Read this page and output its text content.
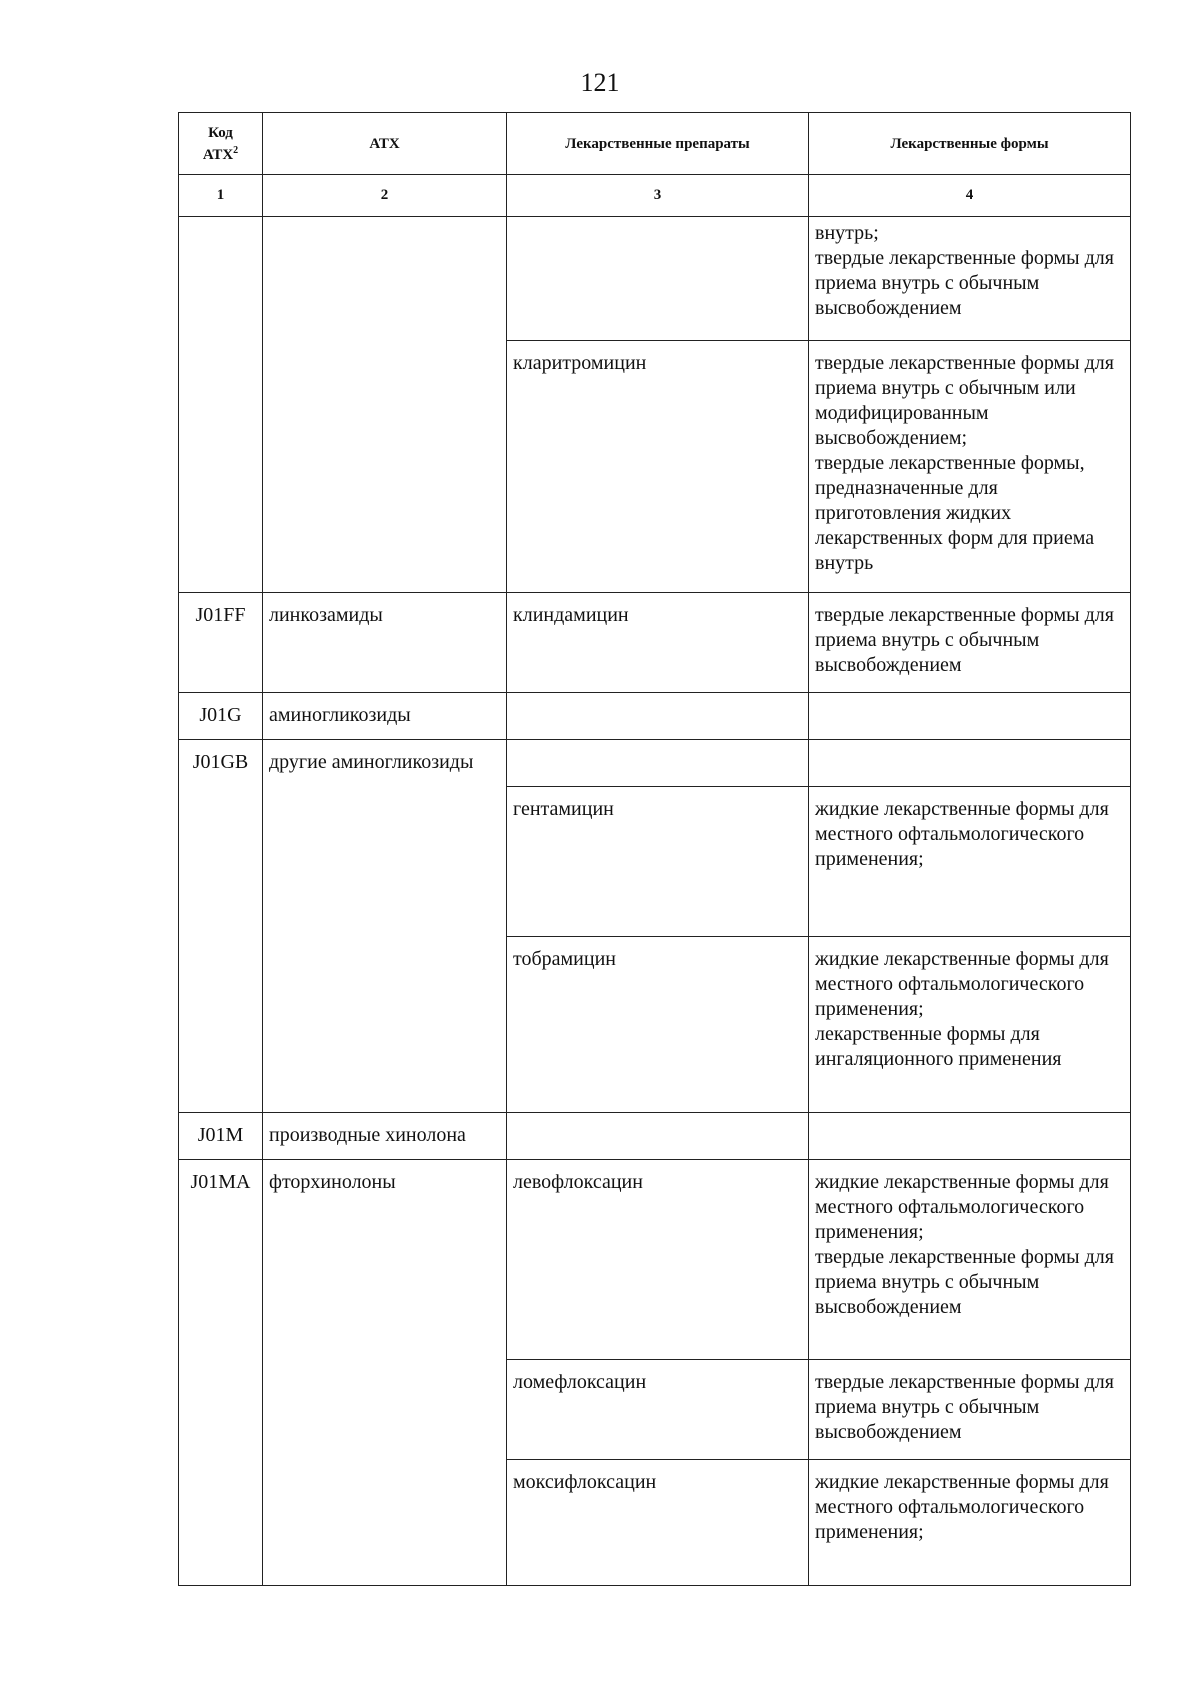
121
Код
АТХ$^2$	АТХ	Лекарственные препараты	Лекарственные формы
1	2	3	4
			внутрь;
твердые лекарственные формы для приема внутрь с обычным высвобождением
		кларитромицин	твердые лекарственные формы для приема внутрь с обычным или модифицированным высвобождением;
твердые лекарственные формы, предназначенные для приготовления жидких лекарственных форм для приема внутрь
J01FF	линкозамиды	клиндамицин	твердые лекарственные формы для приема внутрь с обычным высвобождением
J01G	аминогликозиды		
J01GB	другие аминогликозиды		
		гентамицин	жидкие лекарственные формы для местного офтальмологического применения;
		тобрамицин	жидкие лекарственные формы для местного офтальмологического применения;
лекарственные формы для ингаляционного применения
J01M	производные хинолона		
J01MA	фторхинолоны	левофлоксацин	жидкие лекарственные формы для местного офтальмологического применения;
твердые лекарственные формы для приема внутрь с обычным высвобождением
		ломефлоксацин	твердые лекарственные формы для приема внутрь с обычным высвобождением
		моксифлоксацин	жидкие лекарственные формы для местного офтальмологического применения;
